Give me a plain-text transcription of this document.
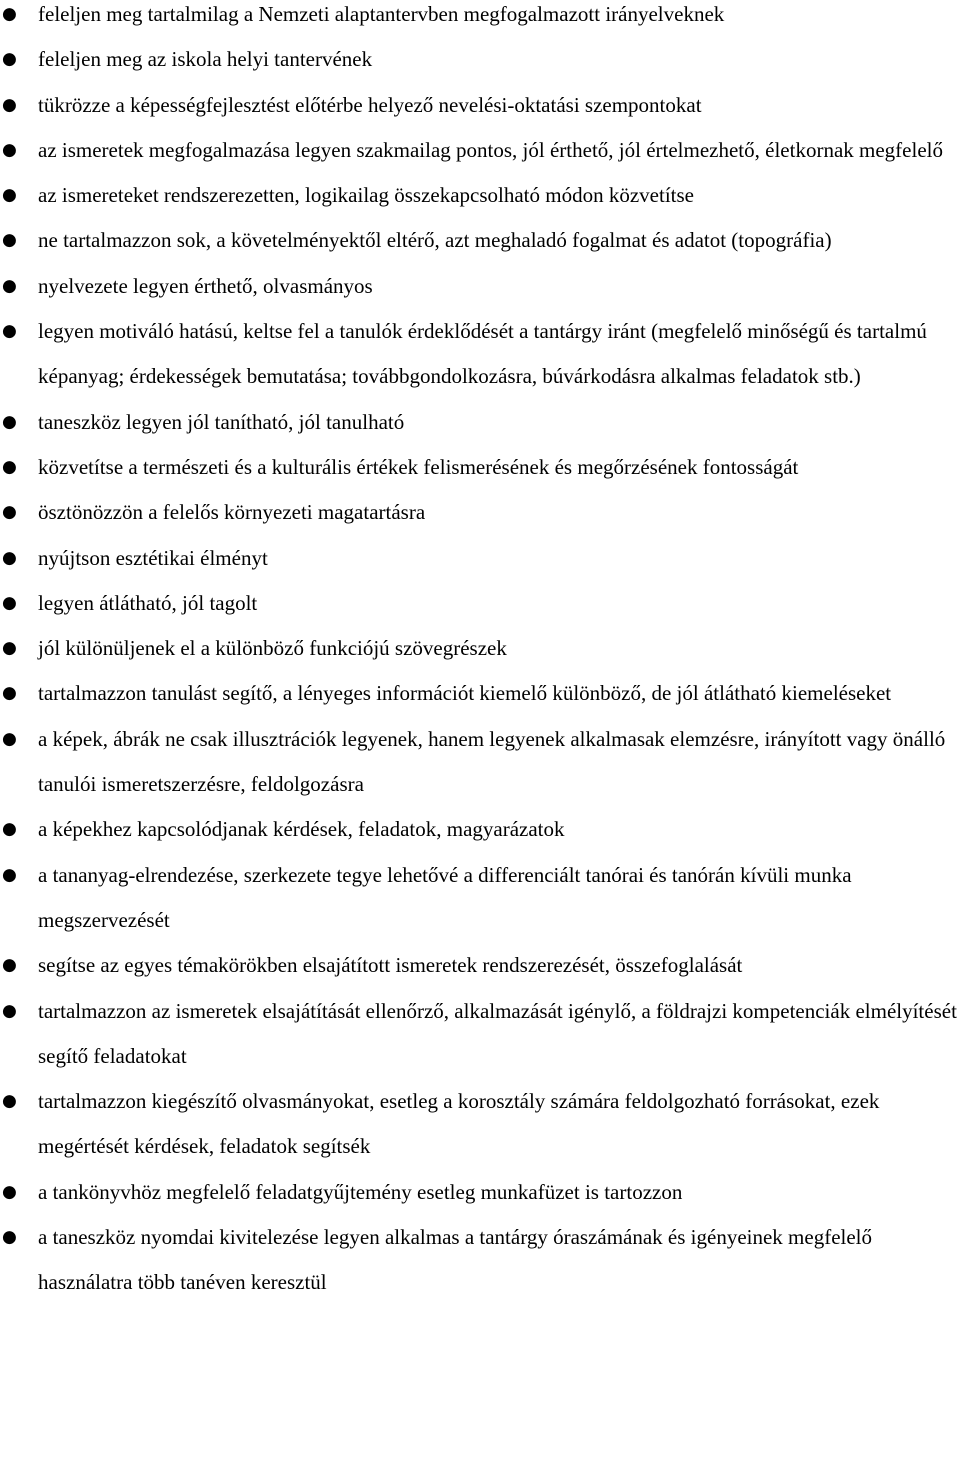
● feleljen meg tartalmilag a Nemzeti alaptantervben megfogalmazott irányelveknek
● feleljen meg az iskola helyi tantervének
● tükrözze a képességfejlesztést előtérbe helyező nevelési-oktatási szempontokat
● az ismeretek megfogalmazása legyen szakmailag pontos, jól érthető, jól értelmezhető, életkornak megfelelő
● az ismereteket rendszerezetten, logikailag összekapcsolható módon közvetítse
● ne tartalmazzon sok, a követelményektől eltérő, azt meghaladó fogalmat és adatot (topográfia)
● nyelvezete legyen érthető, olvasmányos
● legyen motiváló hatású, keltse fel a tanulók érdeklődését a tantárgy iránt (megfelelő minőségű és tartalmú képanyag; érdekességek bemutatása; továbbgondolkozásra, búvárkodásra alkalmas feladatok stb.)
● taneszköz legyen jól tanítható, jól tanulható
● közvetítse a természeti és a kulturális értékek felismerésének és megőrzésének fontosságát
● ösztönözzön a felelős környezeti magatartásra
● nyújtson esztétikai élményt
● legyen átlátható, jól tagolt
● jól különüljenek el a különböző funkciójú szövegrészek
● tartalmazzon tanulást segítő, a lényeges információt kiemelő különböző, de jól átlátható kiemeléseket
● a képek, ábrák ne csak illusztrációk legyenek, hanem legyenek alkalmasak elemzésre, irányított vagy önálló tanulói ismeretszerzésre, feldolgozásra
● a képekhez kapcsolódjanak kérdések, feladatok, magyarázatok
● a tananyag-elrendezése, szerkezete tegye lehetővé a differenciált tanórai és tanórán kívüli munka megszervezését
● segítse az egyes témakörökben elsajátított ismeretek rendszerezését, összefoglalását
● tartalmazzon az ismeretek elsajátítását ellenőrző, alkalmazását igénylő, a földrajzi kompetenciák elmélyítését segítő feladatokat
● tartalmazzon kiegészítő olvasmányokat, esetleg a korosztály számára feldolgozható forrásokat, ezek megértését kérdések, feladatok segítsék
● a tankönyvhöz megfelelő feladatgyűjtemény esetleg munkafüzet is tartozzon
● a taneszköz nyomdai kivitelezése legyen alkalmas a tantárgy óraszámának és igényeinek megfelelő használatra több tanéven keresztül
